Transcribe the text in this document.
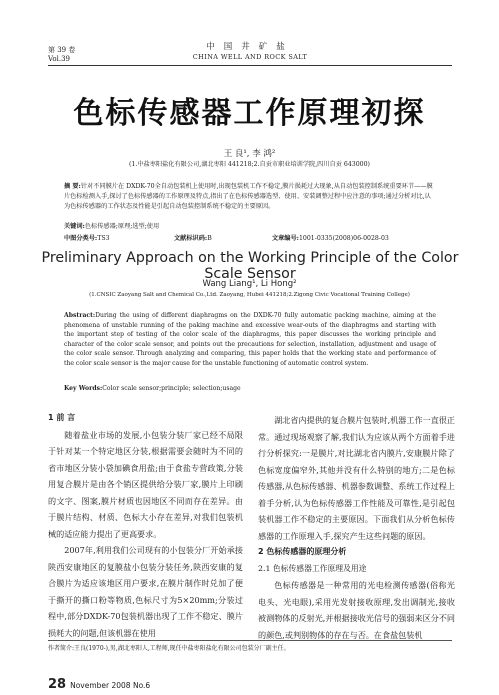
第 39 卷
Vol.39
中国井矿盐
CHINA WELL AND ROCK SALT
色标传感器工作原理初探
王 良¹, 李 鸿²
(1.中盐枣阳盐化有限公司,湖北枣阳 441218;2.自贡市职业培训学院,四川自贡 643000)
摘 要:针对不同膜片在 DXDK-70全自动包装机上使用时,出现包装机工作不稳定,膜片损耗过大现象,从自动包装控制系统重要环节——膜片色标检测入手,探讨了色标传感器的工作原理及特点,指出了在色标传感器选型、使用、安装调整过程中应注意的事项;通过分析对比,认为色标传感器的工作状态及性能是引起自动包装控制系统不稳定的主要原因。
关键词:色标传感器;原理;选型;使用
中图分类号:TS3	文献标识码:B	文章编号:1001-0335(2008)06-0028-03
Preliminary Approach on the Working Principle of the Color Scale Sensor
Wang Liang¹, Li Hong²
(1.CNSIC Zaoyang Salt and Chemical Co.,Ltd. Zaoyang, Hubei 441218;2.Zigong Civic Vocational Training College)
Abstract:During the using of different diaphragms on the DXDK-70 fully automatic packing machine, aiming at the phenomena of unstable running of the paking machine and excessive wear-outs of the diaphragms and starting with the important step of testing of the color scale of the diaphragms, this paper discusses the working principle and character of the color scale sensor, and points out the precautions for selection, installation, adjustment and usage of the color scale sensor. Through analyzing and comparing, this paper holds that the working state and performance of the color scale sensor is the major cause for the unstable functioning of automatic control system.
Key Words:Color scale sensor;principle; selection;usage
1 前 言
随着盐业市场的发展,小包装分装厂家已经不局限于针对某一个特定地区分装,根据需要会随时为不同的省市地区分装小袋加碘食用盐;由于食盐专营政策,分装用复合膜片是由各个销区提供给分装厂家,膜片上印刷的文字、图案,膜片材质也因地区不同而存在差异。由于膜片结构、材质、色标大小存在差异,对我们包装机械的适应能力提出了更高要求。
2007年,利用我们公司现有的小包装分厂开始承接陕西安康地区的复膜盐小包装分装任务,陕西安康的复合膜片为适应该地区用户要求,在膜片制作时兑加了便于撕开的撕口粉等物质,色标尺寸为5×20mm;分装过程中,部分DXDK-70包装机器出现了工作不稳定、膜片损耗大的问题,但该机器在使用
湖北省内提供的复合膜片包装时,机器工作一直很正常。通过现场观察了解,我们认为应该从两个方面着手进行分析探究:一是膜片,对比湖北省内膜片,安康膜片除了色标宽度偏窄外,其他并没有什么特别的地方;二是色标传感器,从色标传感器、机器参数调整、系统工作过程上着手分析,认为色标传感器工作性能及可靠性,是引起包装机器工作不稳定的主要原因。下面我们从分析色标传感器的工作原理入手,探究产生这些问题的原因。
2 色标传感器的原理分析
2.1 色标传感器工作原理及用途
色标传感器是一种常用的光电检测传感器(俗称光电头、光电眼),采用光发射接收原理,发出调制光,接收被测物体的反射光,并根据接收光信号的强弱来区分不同的颜色,或判别物体的存在与否。在食盐包装机
作者简介:王良(1970-),男,湖北枣阳人,工程师,现任中盐枣阳盐化有限公司包装分厂副主任。
28 November 2008 No.6
